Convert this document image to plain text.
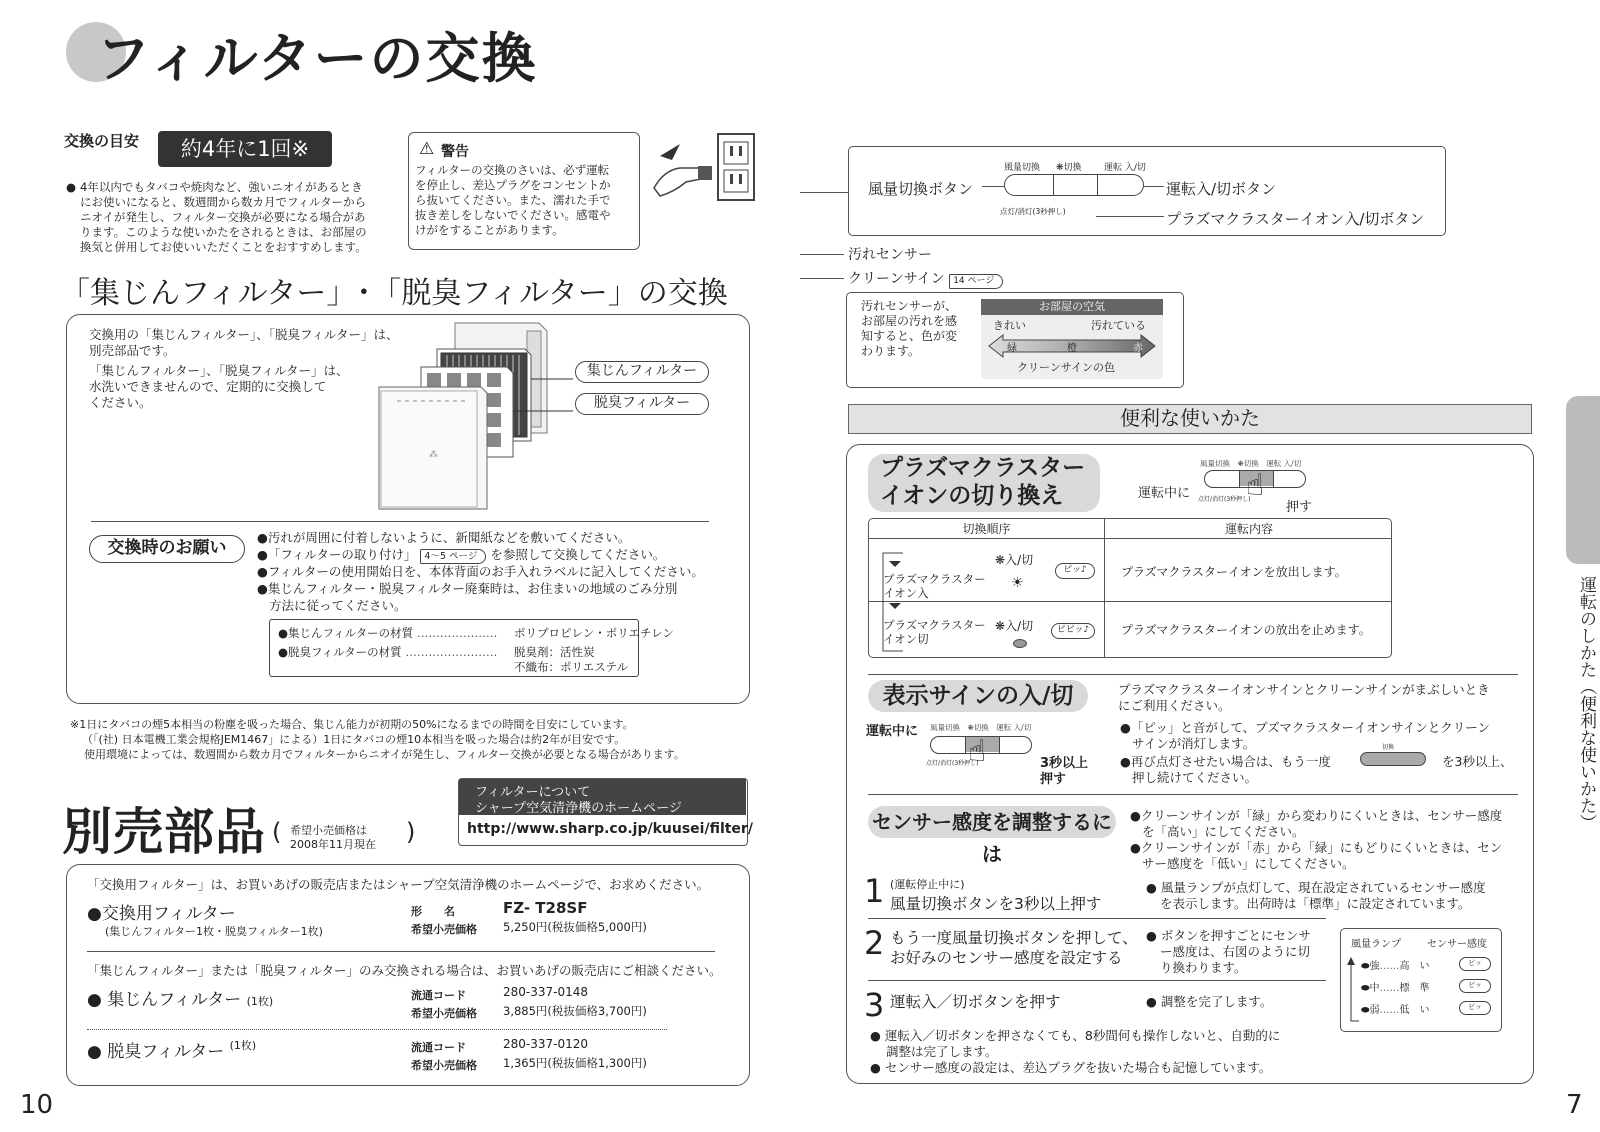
フィルターの交換
交換の目安	約4年に1回※
● 4年以内でもタバコや焼肉など、強いニオイがあるとき
にお使いになると、数週間から数カ月でフィルターから
ニオイが発生し、フィルター交換が必要になる場合があ
ります。このような使いかたをされるときは、お部屋の
換気と併用してお使いいただくことをおすすめします。
⚠ 警告
フィルターの交換のさいは、必ず運転
を停止し、差込プラグをコンセントか
ら抜いてください。また、濡れた手で
抜き差しをしないでください。感電や
けがをすることがあります。
「集じんフィルター」･「脱臭フィルター」の交換
交換用の「集じんフィルター」、「脱臭フィルター」は、
別売部品です。
「集じんフィルター」、「脱臭フィルター」は、
水洗いできませんので、定期的に交換して
ください。
⁂
集じんフィルター
脱臭フィルター
交換時のお願い
●汚れが周囲に付着しないように、新聞紙などを敷いてください。
●「フィルターの取り付け」 4〜5 ページ を参照して交換してください。
●フィルターの使用開始日を、本体背面のお手入れラベルに記入してください。
●集じんフィルター・脱臭フィルター廃棄時は、お住まいの地域のごみ分別
方法に従ってください。
●集じんフィルターの材質 ………………… ポリプロピレン・ポリエチレン
●脱臭フィルターの材質 …………………… 脱臭剤：活性炭
不織布：ポリエステル
※1日にタバコの煙5本相当の粉塵を吸った場合、集じん能力が初期の50%になるまでの時間を目安にしています。
（「(社) 日本電機工業会規格JEM1467」による）1日にタバコの煙10本相当を吸った場合は約2年が目安です。
使用環境によっては、数週間から数カ月でフィルターからニオイが発生し、フィルター交換が必要となる場合があります。
別売部品 ( 希望小売価格は
2008年11月現在 )
フィルターについて
シャープ空気清浄機のホームページ
http://www.sharp.co.jp/kuusei/filter/
「交換用フィルター」は、お買いあげの販売店またはシャープ空気清浄機のホームページで、お求めください。
●交換用フィルター
(集じんフィルター1枚・脱臭フィルター1枚)
形　　名	FZ- T28SF
希望小売価格 5,250円(税抜価格5,000円)
「集じんフィルター」または「脱臭フィルター」のみ交換される場合は、お買いあげの販売店にご相談ください。
● 集じんフィルター (1枚)	流通コード	280-337-0148
希望小売価格 3,885円(税抜価格3,700円)
● 脱臭フィルター $^{(1枚)}$	流通コード	280-337-0120
希望小売価格 1,365円(税抜価格1,300円)
10
風量切換 ❋切換 運転 入/切
点灯/消灯(3秒押し)
風量切換ボタン	運転入/切ボタン
プラズマクラスターイオン入/切ボタン
汚れセンサー
クリーンサイン 14 ページ
汚れセンサーが、
お部屋の汚れを感
知すると、色が変
わります。
お部屋の空気
きれい	汚れている
緑	橙	赤
クリーンサインの色
便利な使いかた
プラズマクラスター
イオンの切り換え	運転中に
風量切換　❋切換　 運転 入/切
点灯/消灯(3秒押し)
☝
押す
切換順序	運転内容
プラズマクラスター
イオン入
❋入/切
☀
ピッ♪	プラズマクラスターイオンを放出します。
プラズマクラスター
イオン切
❋入/切	ピピッ♪	プラズマクラスターイオンの放出を止めます。
表示サインの入/切	プラズマクラスターイオンサインとクリーンサインがまぶしいとき
にご利用ください。
運転中に 風量切換　❋切換　 運転 入/切
点灯/消灯(3秒押し)
☝	3秒以上
押す
●「ピッ」と音がして、プズマクラスターイオンサインとクリーン
サインが消灯します。
●再び点灯させたい場合は、もう一度
切換
を3秒以上、
押し続けてください。
センサー感度を調整するには
●クリーンサインが「緑」から変わりにくいときは、センサー感度
を「高い」にしてください。
●クリーンサインが「赤」から「緑」にもどりにくいときは、セン
サー感度を「低い」にしてください。
1 (運転停止中に)
風量切換ボタンを3秒以上押す
● 風量ランプが点灯して、現在設定されているセンサー感度
を表示します。出荷時は「標準」に設定されています。
2 もう一度風量切換ボタンを押して、
お好みのセンサー感度を設定する
● ボタンを押すごとにセンサ
ー感度は、右図のように切
り換わります。
3 運転入／切ボタンを押す	● 調整を完了します。
風量ランプ	センサー感度
⬬強……高　い
⬬中……標　準
⬬弱……低　い
ピッ
ピッ
ピッ
● 運転入／切ボタンを押さなくても、8秒間何も操作しないと、自動的に
調整は完了します。
● センサー感度の設定は、差込プラグを抜いた場合も記憶しています。
運転のしかた（便利な使いかた）
7
